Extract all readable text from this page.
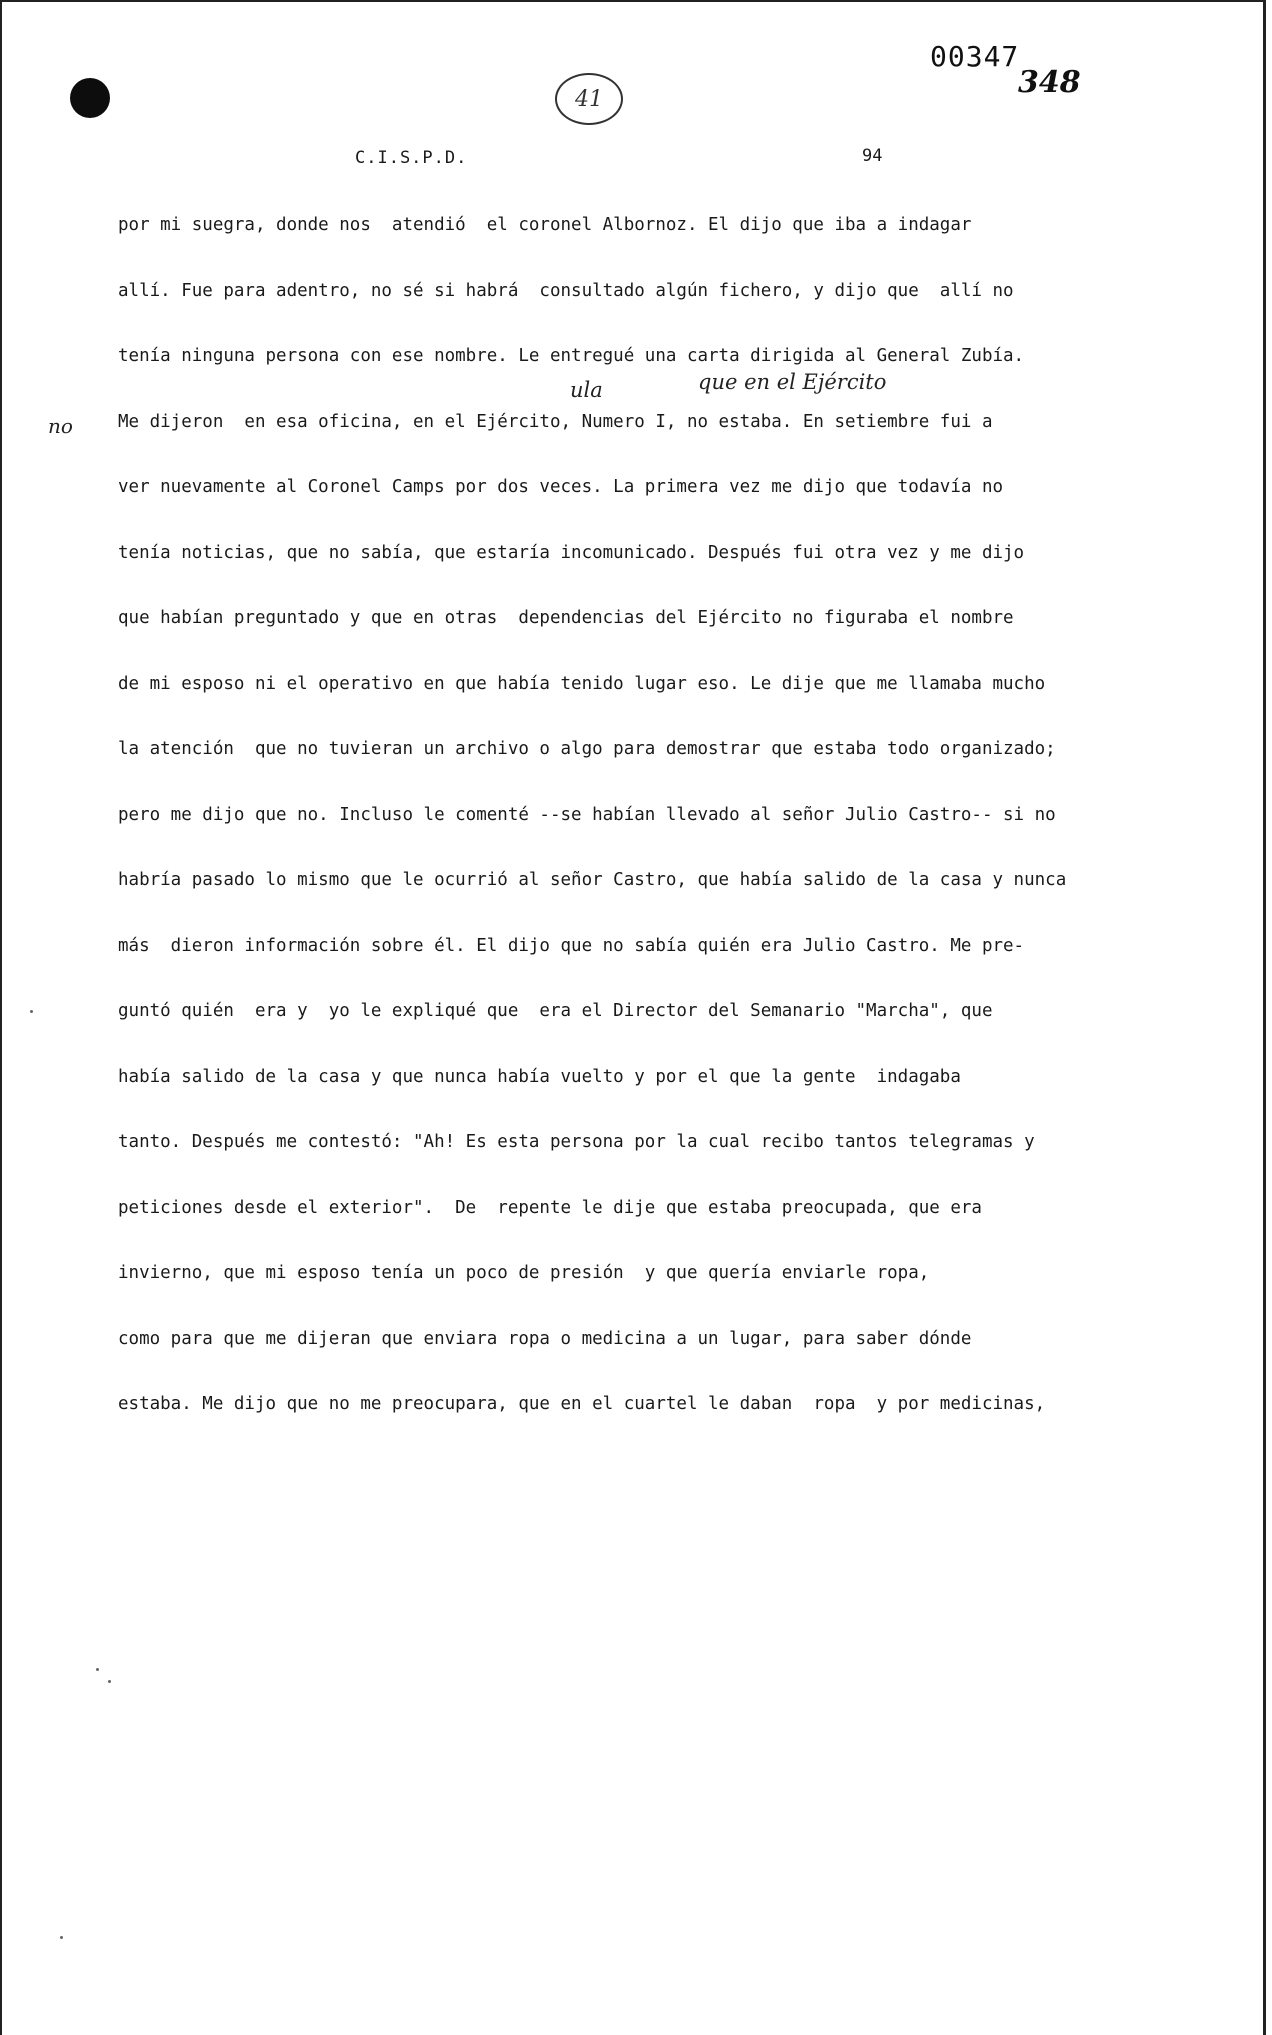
41
00347
348
C.I.S.P.D.	94
no
ula	que en el Ejército
por mi suegra, donde nos  atendió  el coronel Albornoz. El dijo que iba a indagar
allí. Fue para adentro, no sé si habrá  consultado algún fichero, y dijo que  allí no
tenía ninguna persona con ese nombre. Le entregué una carta dirigida al General Zubía.
Me dijeron  en esa oficina, en el Ejército, Numero I, no estaba. En setiembre fui a
ver nuevamente al Coronel Camps por dos veces. La primera vez me dijo que todavía no
tenía noticias, que no sabía, que estaría incomunicado. Después fui otra vez y me dijo
que habían preguntado y que en otras  dependencias del Ejército no figuraba el nombre
de mi esposo ni el operativo en que había tenido lugar eso. Le dije que me llamaba mucho
la atención  que no tuvieran un archivo o algo para demostrar que estaba todo organizado;
pero me dijo que no. Incluso le comenté --se habían llevado al señor Julio Castro-- si no
habría pasado lo mismo que le ocurrió al señor Castro, que había salido de la casa y nunca
más  dieron información sobre él. El dijo que no sabía quién era Julio Castro. Me pre-
guntó quién  era y  yo le expliqué que  era el Director del Semanario "Marcha", que
había salido de la casa y que nunca había vuelto y por el que la gente  indagaba
tanto. Después me contestó: "Ah! Es esta persona por la cual recibo tantos telegramas y
peticiones desde el exterior".  De  repente le dije que estaba preocupada, que era
invierno, que mi esposo tenía un poco de presión  y que quería enviarle ropa,
como para que me dijeran que enviara ropa o medicina a un lugar, para saber dónde
estaba. Me dijo que no me preocupara, que en el cuartel le daban  ropa  y por medicinas,
